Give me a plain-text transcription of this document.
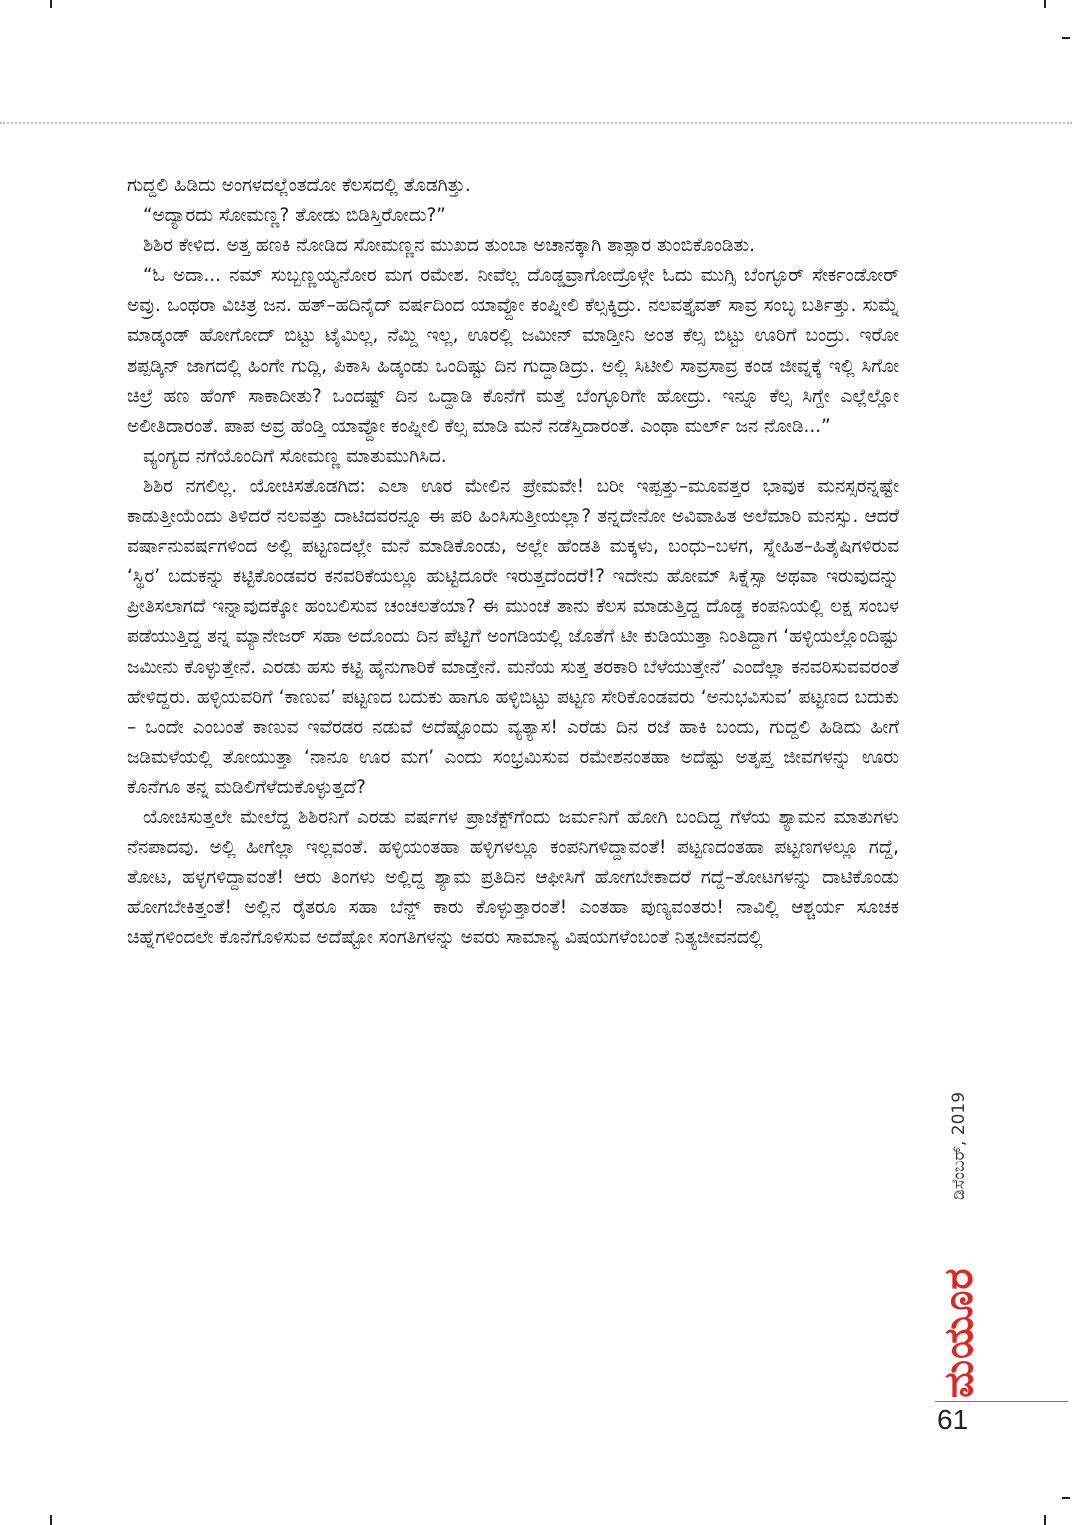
ಗುದ್ದಲಿ ಹಿಡಿದು ಅಂಗಳದಲ್ಲೆಂತದೋ ಕೆಲಸದಲ್ಲಿ ತೊಡಗಿತ್ತು.

“ಅದ್ಯಾರದು ಸೋಮಣ್ಣ? ತೋಡು ಬಿಡಿಸ್ತಿರೋದು?”

ಶಿಶಿರ ಕೇಳಿದ. ಅತ್ತ ಹಣಕಿ ನೋಡಿದ ಸೋಮಣ್ಣನ ಮುಖದ ತುಂಬಾ ಅಚಾನಕ್ಕಾಗಿ ತಾತ್ಸಾರ ತುಂಬಿಕೊಂಡಿತು.

“ಓ ಅದಾ... ನಮ್ ಸುಬ್ಬಣ್ಣಯ್ಯನೋರ ಮಗ ರಮೇಶ. ನೀವೆಲ್ಲ ದೊಡ್ಡವ್ರಾಗೋದ್ರೊಳ್ಗೇ ಓದು ಮುಗ್ಸಿ ಬೆಂಗ್ಳೂರ್ ಸೇರ್ಕಂಡೋರ್ ಅವ್ರು. ಒಂಥರಾ ವಿಚಿತ್ರ ಜನ. ಹತ್–ಹದಿನೈದ್ ವರ್ಷದಿಂದ ಯಾವ್ದೋ ಕಂಪ್ನೀಲಿ ಕೆಲ್ಸಕ್ಕಿದ್ರು. ನಲವತ್ತೈವತ್ ಸಾವ್ರ ಸಂಬ್ಳ ಬರ್ತಿತ್ತು. ಸುಮ್ನೆ ಮಾಡ್ಕಂಡ್ ಹೋಗೋದ್ ಬಿಟ್ಟು ಟೈಮಿಲ್ಲ, ನೆಮ್ದಿ ಇಲ್ಲ, ಊರಲ್ಲಿ ಜಮೀನ್ ಮಾಡ್ತೀನಿ ಅಂತ ಕೆಲ್ಸ ಬಿಟ್ಟು ಊರಿಗೆ ಬಂದ್ರು. ಇರೋ ಶಪ್ಪಡ್ಕಿನ್ ಜಾಗದಲ್ಲಿ ಹಿಂಗೇ ಗುದ್ಲಿ, ಪಿಕಾಸಿ ಹಿಡ್ಕಂಡು ಒಂದಿಷ್ಟು ದಿನ ಗುದ್ದಾಡಿದ್ರು. ಅಲ್ಲಿ ಸಿಟೀಲಿ ಸಾವ್ರಸಾವ್ರ ಕಂಡ ಜೀವ್ನಕ್ಕೆ ಇಲ್ಲಿ ಸಿಗೋ ಚಿಲ್ರೆ ಹಣ ಹೆಂಗ್ ಸಾಕಾದೀತು? ಒಂದಷ್ಟ್ ದಿನ ಒದ್ದಾಡಿ ಕೊನೆಗೆ ಮತ್ತೆ ಬೆಂಗ್ಳೂರಿಗೇ ಹೋದ್ರು. ಇನ್ನೂ ಕೆಲ್ಸ ಸಿಗ್ದೇ ಎಲ್ಲೆಲ್ಲೋ ಅಲೀತಿದಾರಂತೆ. ಪಾಪ ಅವ್ರ ಹೆಂಡ್ತಿ ಯಾವ್ದೋ ಕಂಪ್ನೀಲಿ ಕೆಲ್ಸ ಮಾಡಿ ಮನೆ ನಡೆಸ್ತಿದಾರಂತೆ. ಎಂಥಾ ಮರ್ಲ್ ಜನ ನೋಡಿ...”

ವ್ಯಂಗ್ಯದ ನಗೆಯೊಂದಿಗೆ ಸೋಮಣ್ಣ ಮಾತುಮುಗಿಸಿದ.

ಶಿಶಿರ ನಗಲಿಲ್ಲ. ಯೋಚಿಸತೊಡಗಿದ: ಎಲಾ ಊರ ಮೇಲಿನ ಪ್ರೇಮವೇ! ಬರೀ ಇಪ್ಪತ್ತು–ಮೂವತ್ತರ ಭಾವುಕ ಮನಸ್ಸರನ್ನಷ್ಟೇ ಕಾಡುತ್ತೀಯೆಂದು ತಿಳಿದರೆ ನಲವತ್ತು ದಾಟಿದವರನ್ನೂ ಈ ಪರಿ ಹಿಂಸಿಸುತ್ತೀಯಲ್ಲಾ? ತನ್ನದೇನೋ ಅವಿವಾಹಿತ ಅಲೆಮಾರಿ ಮನಸ್ಸು. ಆದರೆ ವರ್ಷಾನುವರ್ಷಗಳಿಂದ ಅಲ್ಲಿ ಪಟ್ಟಣದಲ್ಲೇ ಮನೆ ಮಾಡಿಕೊಂಡು, ಅಲ್ಲೇ ಹೆಂಡತಿ ಮಕ್ಕಳು, ಬಂಧು–ಬಳಗ, ಸ್ನೇಹಿತ–ಹಿತೈಷಿಗಳಿರುವ ‘ಸ್ಥಿರ’ ಬದುಕನ್ನು ಕಟ್ಟಿಕೊಂಡವರ ಕನವರಿಕೆಯಲ್ಲೂ ಹುಟ್ಟಿದೂರೇ ಇರುತ್ತದೆಂದರೆ!? ಇದೇನು ಹೋಮ್ ಸಿಕ್ನೆಸ್ಸಾ ಅಥವಾ ಇರುವುದನ್ನು ಪ್ರೀತಿಸಲಾಗದೆ ಇನ್ನಾವುದಕ್ಕೋ ಹಂಬಲಿಸುವ ಚಂಚಲತೆಯಾ? ಈ ಮುಂಚೆ ತಾನು ಕೆಲಸ ಮಾಡುತ್ತಿದ್ದ ದೊಡ್ಡ ಕಂಪನಿಯಲ್ಲಿ ಲಕ್ಷ ಸಂಬಳ ಪಡೆಯುತ್ತಿದ್ದ ತನ್ನ ಮ್ಯಾನೇಜರ್ ಸಹಾ ಅದೊಂದು ದಿನ ಪೆಟ್ಟಿಗೆ ಅಂಗಡಿಯಲ್ಲಿ ಜೊತೆಗೆ ಟೀ ಕುಡಿಯುತ್ತಾ ನಿಂತಿದ್ದಾಗ ‘ಹಳ್ಳಿಯಲ್ಲೊಂದಿಷ್ಟು ಜಮೀನು ಕೊಳ್ಳುತ್ತೇನೆ. ಎರಡು ಹಸು ಕಟ್ಟಿ ಹೈನುಗಾರಿಕೆ ಮಾಡ್ತೇನೆ. ಮನೆಯ ಸುತ್ತ ತರಕಾರಿ ಬೆಳೆಯುತ್ತೇನೆ’ ಎಂದೆಲ್ಲಾ ಕನವರಿಸುವವರಂತೆ ಹೇಳಿದ್ದರು. ಹಳ್ಳಿಯವರಿಗೆ ‘ಕಾಣುವ’ ಪಟ್ಟಣದ ಬದುಕು ಹಾಗೂ ಹಳ್ಳಿಬಿಟ್ಟು ಪಟ್ಟಣ ಸೇರಿಕೊಂಡವರು ‘ಅನುಭವಿಸುವ’ ಪಟ್ಟಣದ ಬದುಕು – ಒಂದೇ ಎಂಬಂತೆ ಕಾಣುವ ಇವೆರಡರ ನಡುವೆ ಅದೆಷ್ಟೊಂದು ವ್ಯತ್ಯಾಸ! ಎರೆಡು ದಿನ ರಜೆ ಹಾಕಿ ಬಂದು, ಗುದ್ದಲಿ ಹಿಡಿದು ಹೀಗೆ ಜಡಿಮಳೆಯಲ್ಲಿ ತೋಯುತ್ತಾ ‘ನಾನೂ ಊರ ಮಗ’ ಎಂದು ಸಂಭ್ರಮಿಸುವ ರಮೇಶನಂತಹಾ ಅದೆಷ್ಟು ಅತೃಪ್ತ ಜೀವಗಳನ್ನು ಊರು ಕೊನೆಗೂ ತನ್ನ ಮಡಿಲಿಗೆಳೆದುಕೊಳ್ಳುತ್ತದೆ?

ಯೋಚಿಸುತ್ತಲೇ ಮೇಲೆದ್ದ ಶಿಶಿರನಿಗೆ ಎರಡು ವರ್ಷಗಳ ಪ್ರಾಜೆಕ್ಟ್‌ಗೆಂದು ಜರ್ಮನಿಗೆ ಹೋಗಿ ಬಂದಿದ್ದ ಗೆಳೆಯ ಶ್ಯಾಮನ ಮಾತುಗಳು ನೆನಪಾದವು. ಅಲ್ಲಿ ಹೀಗೆಲ್ಲಾ ಇಲ್ಲವಂತೆ. ಹಳ್ಳಿಯಂತಹಾ ಹಳ್ಳಿಗಳಲ್ಲೂ ಕಂಪನಿಗಳಿದ್ದಾವಂತೆ! ಪಟ್ಟಣದಂತಹಾ ಪಟ್ಟಣಗಳಲ್ಲೂ ಗದ್ದೆ, ತೋಟ, ಹಳ್ಳಗಳಿದ್ದಾವಂತೆ! ಆರು ತಿಂಗಳು ಅಲ್ಲಿದ್ದ ಶ್ಯಾಮ ಪ್ರತಿದಿನ ಆಫೀಸಿಗೆ ಹೋಗಬೇಕಾದರೆ ಗದ್ದೆ–ತೋಟಗಳನ್ನು ದಾಟಿಕೊಂಡು ಹೋಗಬೇಕಿತ್ತಂತೆ! ಅಲ್ಲಿನ ರೈತರೂ ಸಹಾ ಬೆನ್ಜ್ ಕಾರು ಕೊಳ್ಳುತ್ತಾರಂತೆ! ಎಂತಹಾ ಪುಣ್ಯವಂತರು! ನಾವಿಲ್ಲಿ ಆಶ್ಚರ್ಯ ಸೂಚಕ ಚಿಹ್ನೆಗಳಿಂದಲೇ ಕೊನೆಗೊಳಿಸುವ ಅದೆಷ್ಟೋ ಸಂಗತಿಗಳನ್ನು ಅವರು ಸಾಮಾನ್ಯ ವಿಷಯಗಳೆಂಬಂತೆ ನಿತ್ಯಜೀವನದಲ್ಲಿ

ಡಿಸೆಂಬರ್, 2019
ಮಯೂರ
61
